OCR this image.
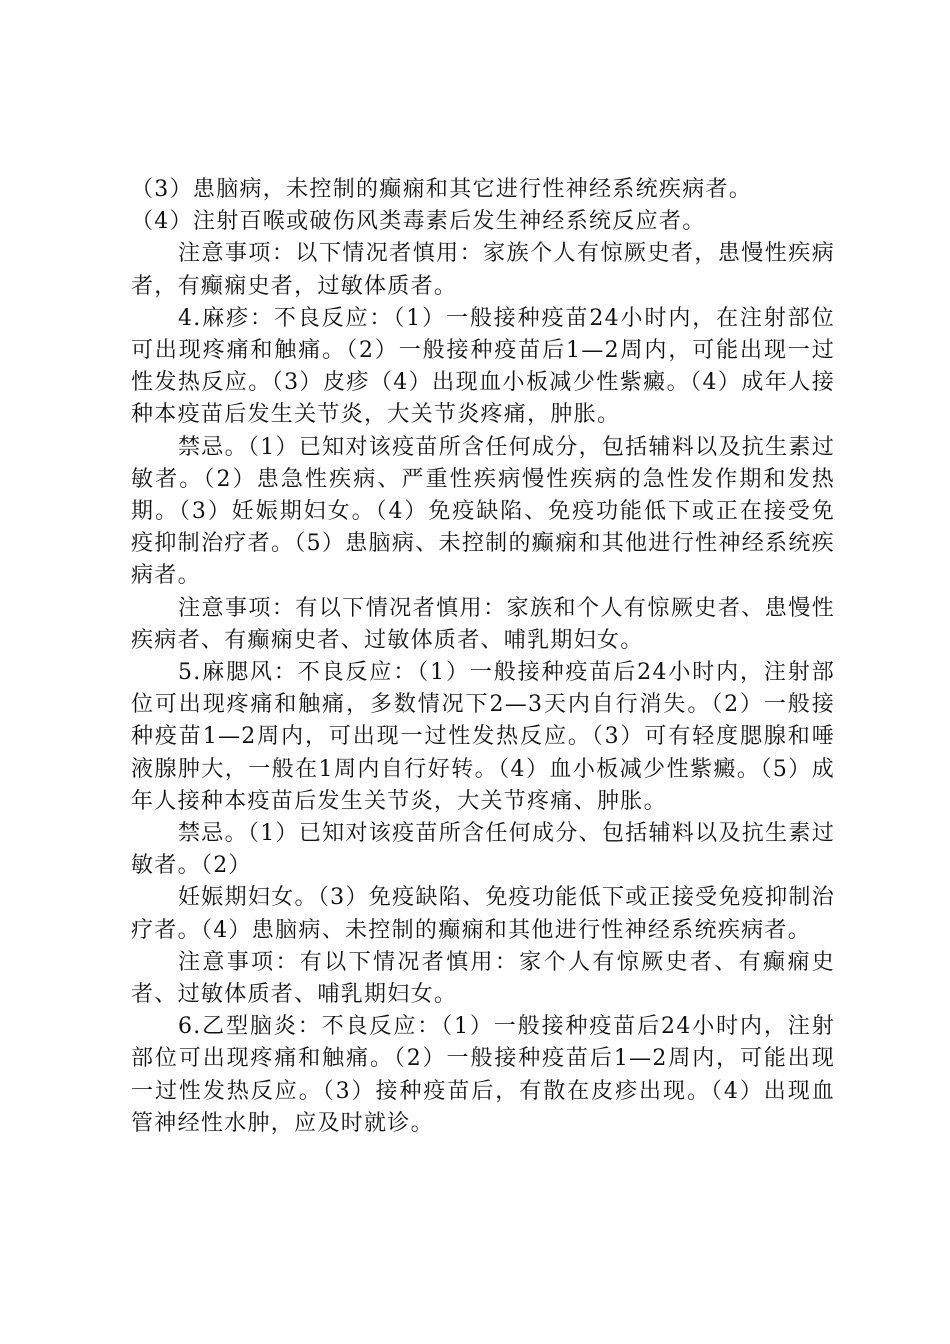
（3）患脑病，未控制的癫痫和其它进行性神经系统疾病者。

（4）注射百喉或破伤风类毒素后发生神经系统反应者。

注意事项：以下情况者慎用：家族个人有惊厥史者，患慢性疾病者，有癫痫史者，过敏体质者。

4.麻疹：不良反应：（1）一般接种疫苗24小时内，在注射部位可出现疼痛和触痛。（2）一般接种疫苗后1—2周内，可能出现一过性发热反应。（3）皮疹（4）出现血小板减少性紫癜。（4）成年人接种本疫苗后发生关节炎，大关节炎疼痛，肿胀。

禁忌。（1）已知对该疫苗所含任何成分，包括辅料以及抗生素过敏者。（2）患急性疾病、严重性疾病慢性疾病的急性发作期和发热期。（3）妊娠期妇女。（4）免疫缺陷、免疫功能低下或正在接受免疫抑制治疗者。（5）患脑病、未控制的癫痫和其他进行性神经系统疾病者。

注意事项：有以下情况者慎用：家族和个人有惊厥史者、患慢性疾病者、有癫痫史者、过敏体质者、哺乳期妇女。

5.麻腮风：不良反应：（1）一般接种疫苗后24小时内，注射部位可出现疼痛和触痛，多数情况下2—3天内自行消失。（2）一般接种疫苗1—2周内，可出现一过性发热反应。（3）可有轻度腮腺和唾液腺肿大，一般在1周内自行好转。（4）血小板减少性紫癜。（5）成年人接种本疫苗后发生关节炎，大关节疼痛、肿胀。

禁忌。（1）已知对该疫苗所含任何成分、包括辅料以及抗生素过敏者。（2）

妊娠期妇女。（3）免疫缺陷、免疫功能低下或正接受免疫抑制治疗者。（4）患脑病、未控制的癫痫和其他进行性神经系统疾病者。

注意事项：有以下情况者慎用：家个人有惊厥史者、有癫痫史者、过敏体质者、哺乳期妇女。

6.乙型脑炎：不良反应：（1）一般接种疫苗后24小时内，注射部位可出现疼痛和触痛。（2）一般接种疫苗后1—2周内，可能出现一过性发热反应。（3）接种疫苗后，有散在皮疹出现。（4）出现血管神经性水肿，应及时就诊。
